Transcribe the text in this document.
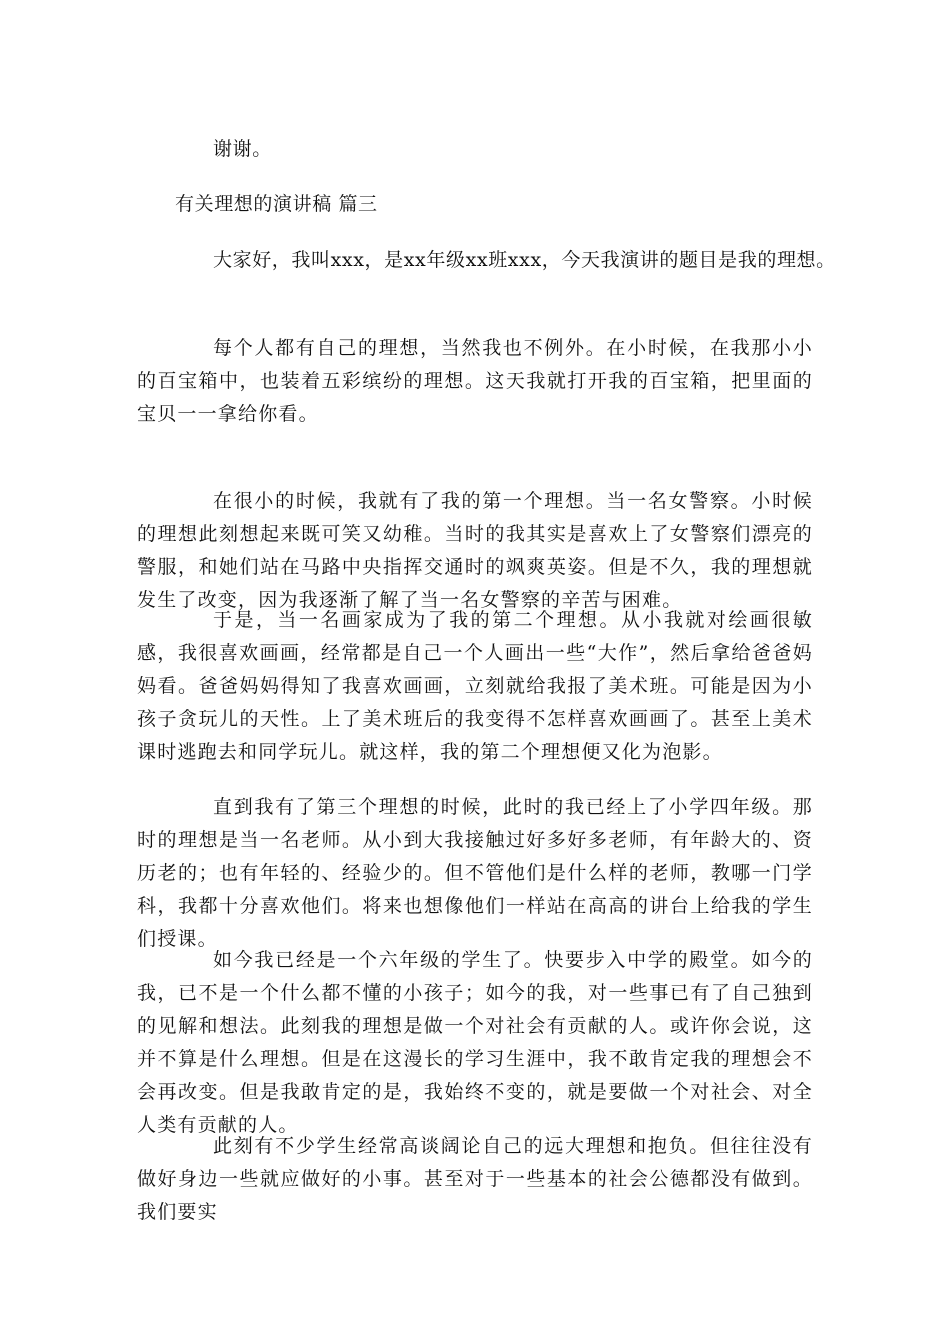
谢谢。
有关理想的演讲稿 篇三
大家好，我叫xxx，是xx年级xx班xxx，今天我演讲的题目是我的理想。
每个人都有自己的理想，当然我也不例外。在小时候，在我那小小的百宝箱中，也装着五彩缤纷的理想。这天我就打开我的百宝箱，把里面的宝贝一一拿给你看。
在很小的时候，我就有了我的第一个理想。当一名女警察。小时候的理想此刻想起来既可笑又幼稚。当时的我其实是喜欢上了女警察们漂亮的警服，和她们站在马路中央指挥交通时的飒爽英姿。但是不久，我的理想就发生了改变，因为我逐渐了解了当一名女警察的辛苦与困难。
于是，当一名画家成为了我的第二个理想。从小我就对绘画很敏感，我很喜欢画画，经常都是自己一个人画出一些“大作”，然后拿给爸爸妈妈看。爸爸妈妈得知了我喜欢画画，立刻就给我报了美术班。可能是因为小孩子贪玩儿的天性。上了美术班后的我变得不怎样喜欢画画了。甚至上美术课时逃跑去和同学玩儿。就这样，我的第二个理想便又化为泡影。
直到我有了第三个理想的时候，此时的我已经上了小学四年级。那时的理想是当一名老师。从小到大我接触过好多好多老师，有年龄大的、资历老的；也有年轻的、经验少的。但不管他们是什么样的老师，教哪一门学科，我都十分喜欢他们。将来也想像他们一样站在高高的讲台上给我的学生们授课。
如今我已经是一个六年级的学生了。快要步入中学的殿堂。如今的我，已不是一个什么都不懂的小孩子；如今的我，对一些事已有了自己独到的见解和想法。此刻我的理想是做一个对社会有贡献的人。或许你会说，这并不算是什么理想。但是在这漫长的学习生涯中，我不敢肯定我的理想会不会再改变。但是我敢肯定的是，我始终不变的，就是要做一个对社会、对全人类有贡献的人。
此刻有不少学生经常高谈阔论自己的远大理想和抱负。但往往没有做好身边一些就应做好的小事。甚至对于一些基本的社会公德都没有做到。我们要实
